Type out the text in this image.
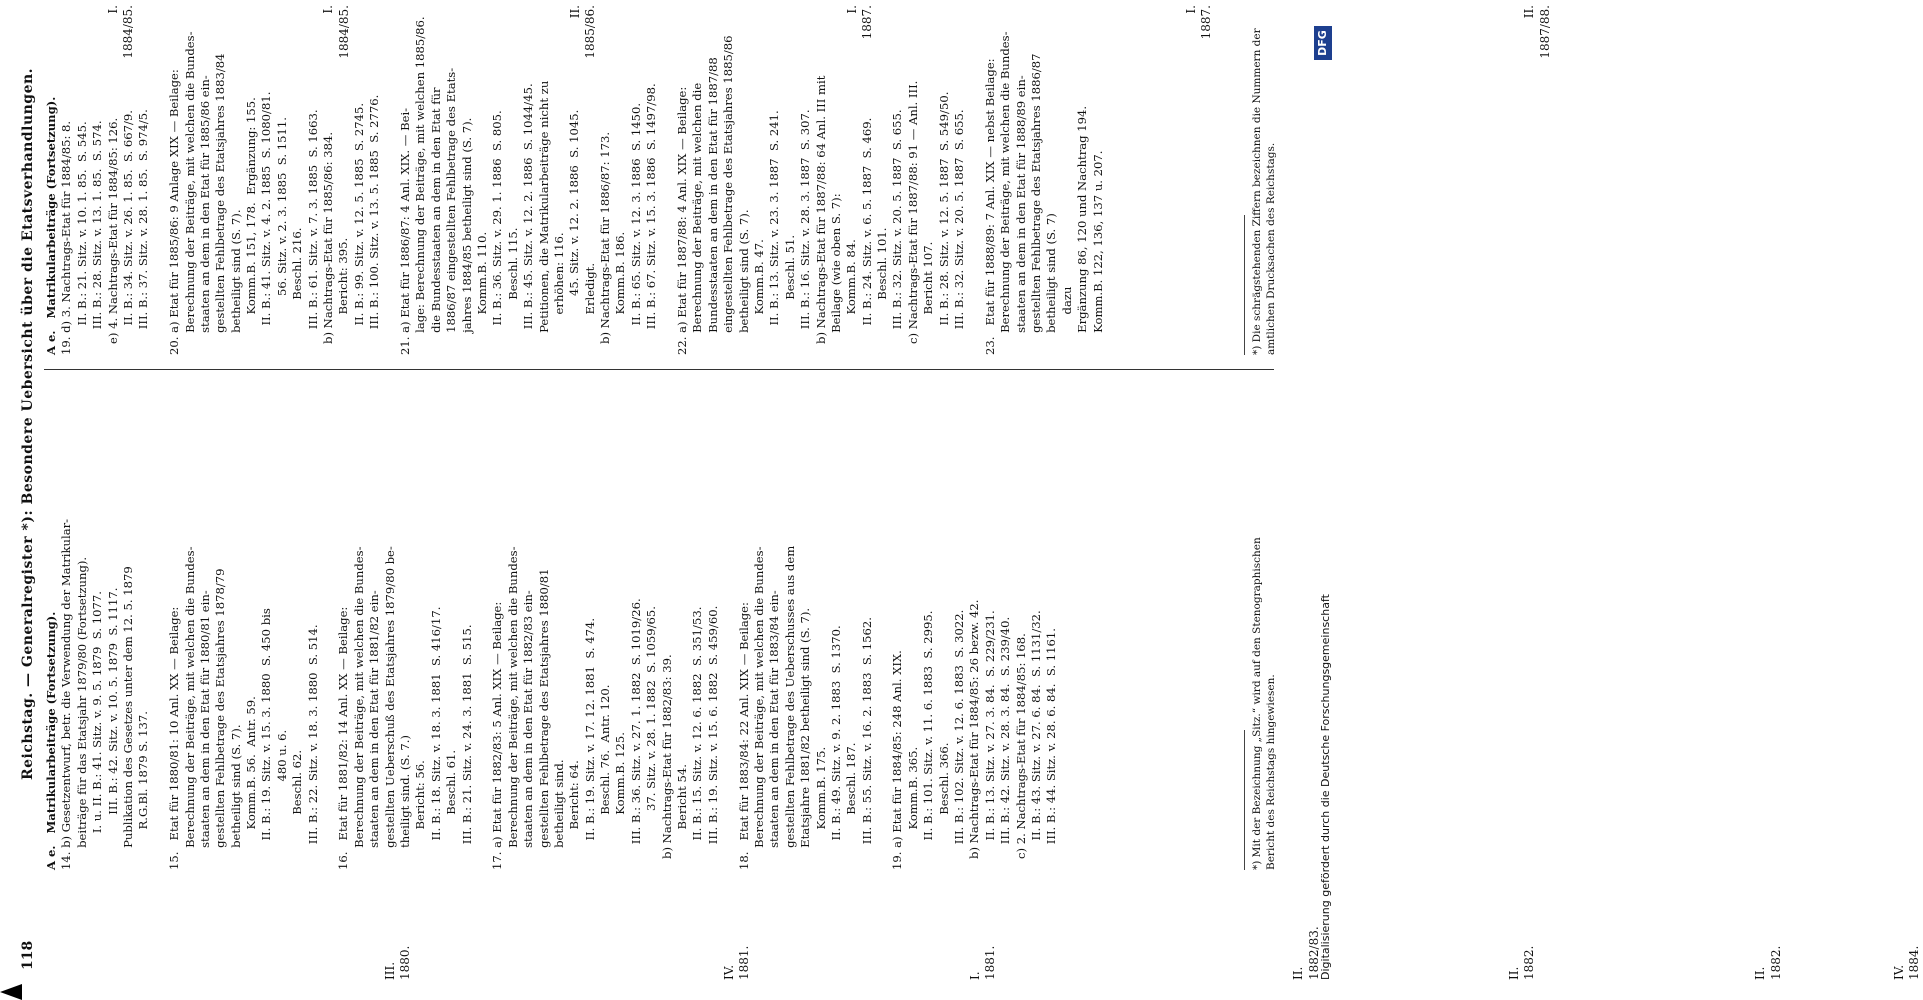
118
Reichstag. — Generalregister *): Besondere Uebersicht über die Etatsverhandlungen.
III.
1880.	IV.
1881.	I.
1881.	II.
1882/83.	II.
1882.	II.
1882.	IV.
1884.
A e.   Matrikularbeiträge (Fortsetzung). 14. b) Gesetzentwurf, betr. die Verwendung der Matrikular- beiträge für das Etatsjahr 1879/80 (Fortsetzung). I. u. II. B.: 41. Sitz. v. 9. 5. 1879  S. 1077. III. B.: 42. Sitz. v. 10. 5. 1879  S. 1117. Publikation des Gesetzes unter dem 12. 5. 1879 R.G.Bl. 1879 S. 137. 15.   Etat für 1880/81: 10 Anl. XX — Beilage: Berechnung der Beiträge, mit welchen die Bundes- staaten an dem in den Etat für 1880/81 ein- gestellten Fehlbetrage des Etatsjahres 1878/79 betheiligt sind (S. 7). Komm.B. 56.  Antr. 59. II. B.: 19. Sitz. v. 15. 3. 1880  S. 450 bis 480 u. 6. Beschl. 62. III. B.: 22. Sitz. v. 18. 3. 1880  S. 514. 16.   Etat für 1881/82: 14 Anl. XX — Beilage: Berechnung der Beiträge, mit welchen die Bundes- staaten an dem in den Etat für 1881/82 ein- gestellten Ueberschuß des Etatsjahres 1879/80 be- theiligt sind. (S. 7.) Bericht: 56. II. B.: 18. Sitz. v. 18. 3. 1881  S. 416/17. Beschl. 61. III. B.: 21. Sitz. v. 24. 3. 1881  S. 515. 17. a) Etat für 1882/83: 5 Anl. XIX — Beilage: Berechnung der Beiträge, mit welchen die Bundes- staaten an dem in den Etat für 1882/83 ein- gestellten Fehlbetrage des Etatsjahres 1880/81 betheiligt sind. Bericht: 64. II. B.: 19. Sitz. v. 17. 12. 1881  S. 474. Beschl. 76.  Antr. 120. Komm.B. 125. III. B.: 36. Sitz. v. 27. 1. 1882  S. 1019/26. 37. Sitz. v. 28. 1. 1882  S. 1059/65. b) Nachtrags-Etat für 1882/83: 39. Bericht 54. II. B.: 15. Sitz. v. 12. 6. 1882  S. 351/53. III. B.: 19. Sitz. v. 15. 6. 1882  S. 459/60. 18.   Etat für 1883/84: 22 Anl. XIX — Beilage: Berechnung der Beiträge, mit welchen die Bundes- staaten an dem in den Etat für 1883/84 ein- gestellten Fehlbetrage des Ueberschusses aus dem Etatsjahre 1881/82 betheiligt sind (S. 7). Komm.B. 175. II. B.: 49. Sitz. v. 9. 2. 1883  S. 1370. Beschl. 187. III. B.: 55. Sitz. v. 16. 2. 1883  S. 1562. 19. a) Etat für 1884/85: 248 Anl. XIX. Komm.B. 365. II. B.: 101. Sitz. v. 11. 6. 1883  S. 2995. Beschl. 366. III. B.: 102. Sitz. v. 12. 6. 1883  S. 3022. b) Nachtrags-Etat für 1884/85: 26 bezw. 42. II. B.: 13. Sitz. v. 27. 3. 84.  S. 229/231. III. B.: 42. Sitz. v. 28. 3. 84.  S. 239/40. c) 2. Nachtrags-Etat für 1884/85: 168. II. B.: 43. Sitz. v. 27. 6. 84.  S. 1131/32. III. B.: 44. Sitz. v. 28. 6. 84.  S. 1161.
A e.   Matrikularbeiträge (Fortsetzung). 19. d) 3. Nachtrags-Etat für 1884/85: 8. II. B.: 21. Sitz. v. 10. 1. 85.  S. 545. III. B.: 28. Sitz. v. 13. 1. 85.  S. 574. e) 4. Nachtrags-Etat für 1884/85: 126. II. B.: 34. Sitz. v. 26. 1. 85.  S. 667/9. III. B.: 37. Sitz. v. 28. 1. 85.  S. 974/5. 20. a) Etat für 1885/86: 9 Anlage XIX — Beilage: Berechnung der Beiträge, mit welchen die Bundes- staaten an dem in den Etat für 1885/86 ein- gestellten Fehlbetrage des Etatsjahres 1883/84 betheiligt sind (S. 7). Komm.B. 151, 178.  Ergänzung: 155. II. B.: 41. Sitz. v. 4. 2. 1885  S. 1080/81. 56. Sitz. v. 2. 3. 1885  S. 1511. Beschl. 216. III. B.: 61. Sitz. v. 7. 3. 1885  S. 1663. b) Nachtrags-Etat für 1885/86: 384. Bericht: 395. II. B.: 99. Sitz. v. 12. 5. 1885  S. 2745. III. B.: 100. Sitz. v. 13. 5. 1885  S. 2776. 21. a) Etat für 1886/87: 4 Anl. XIX. — Bei- lage: Berechnung der Beiträge, mit welchen 1885/86. die Bundesstaaten an dem in den Etat für 1886/87 eingestellten Fehlbetrage des Etats- jahres 1884/85 betheiligt sind (S. 7). Komm.B. 110. II. B.: 36. Sitz. v. 29. 1. 1886  S. 805. Beschl. 115. III. B.: 45. Sitz. v. 12. 2. 1886  S. 1044/45. Petitionen, die Matrikularbeiträge nicht zu erhöhen: 116. 45. Sitz. v. 12. 2. 1886  S. 1045. Erledigt. b) Nachtrags-Etat für 1886/87: 173. Komm.B. 186. II. B.: 65. Sitz. v. 12. 3. 1886  S. 1450. III. B.: 67. Sitz. v. 15. 3. 1886  S. 1497/98. 22. a) Etat für 1887/88: 4 Anl. XIX — Beilage: Berechnung der Beiträge, mit welchen die Bundesstaaten an dem in den Etat für 1887/88 eingestellten Fehlbetrage des Etatsjahres 1885/86 betheiligt sind (S. 7). Komm.B. 47. II. B.: 13. Sitz. v. 23. 3. 1887  S. 241. Beschl. 51. III. B.: 16. Sitz. v. 28. 3. 1887  S. 307. b) Nachtrags-Etat für 1887/88: 64 Anl. III mit Beilage (wie oben S. 7): Komm.B. 84. II. B.: 24. Sitz. v. 6. 5. 1887  S. 469. Beschl. 101. III. B.: 32. Sitz. v. 20. 5. 1887  S. 655. c) Nachtrags-Etat für 1887/88: 91 — Anl. III. Bericht 107. II. B.: 28. Sitz. v. 12. 5. 1887  S. 549/50. III. B.: 32. Sitz. v. 20. 5. 1887  S. 655. 23.   Etat für 1888/89: 7 Anl. XIX — nebst Beilage: Berechnung der Beiträge, mit welchen die Bundes- staaten an dem in den Etat für 1888/89 ein- gestellten Fehlbetrage des Etatsjahres 1886/87 betheiligt sind (S. 7) dazu Ergänzung 86, 120 und Nachtrag 194. Komm.B. 122, 136, 137 u. 207.
I.
1884/85.	I.
1884/85.	II.
1885/86.	I.
1887.	I.
1887.	II.
1887/88.
*) Mit der Bezeichnung „Sitz.“ wird auf den Stenographischen
Bericht des Reichstags hingewiesen.
*) Die schrägstehenden Ziffern bezeichnen die Nummern der
amtlichen Drucksachen des Reichstags.
Digitalisierung gefördert durch die Deutsche Forschungsgemeinschaft
DFG
